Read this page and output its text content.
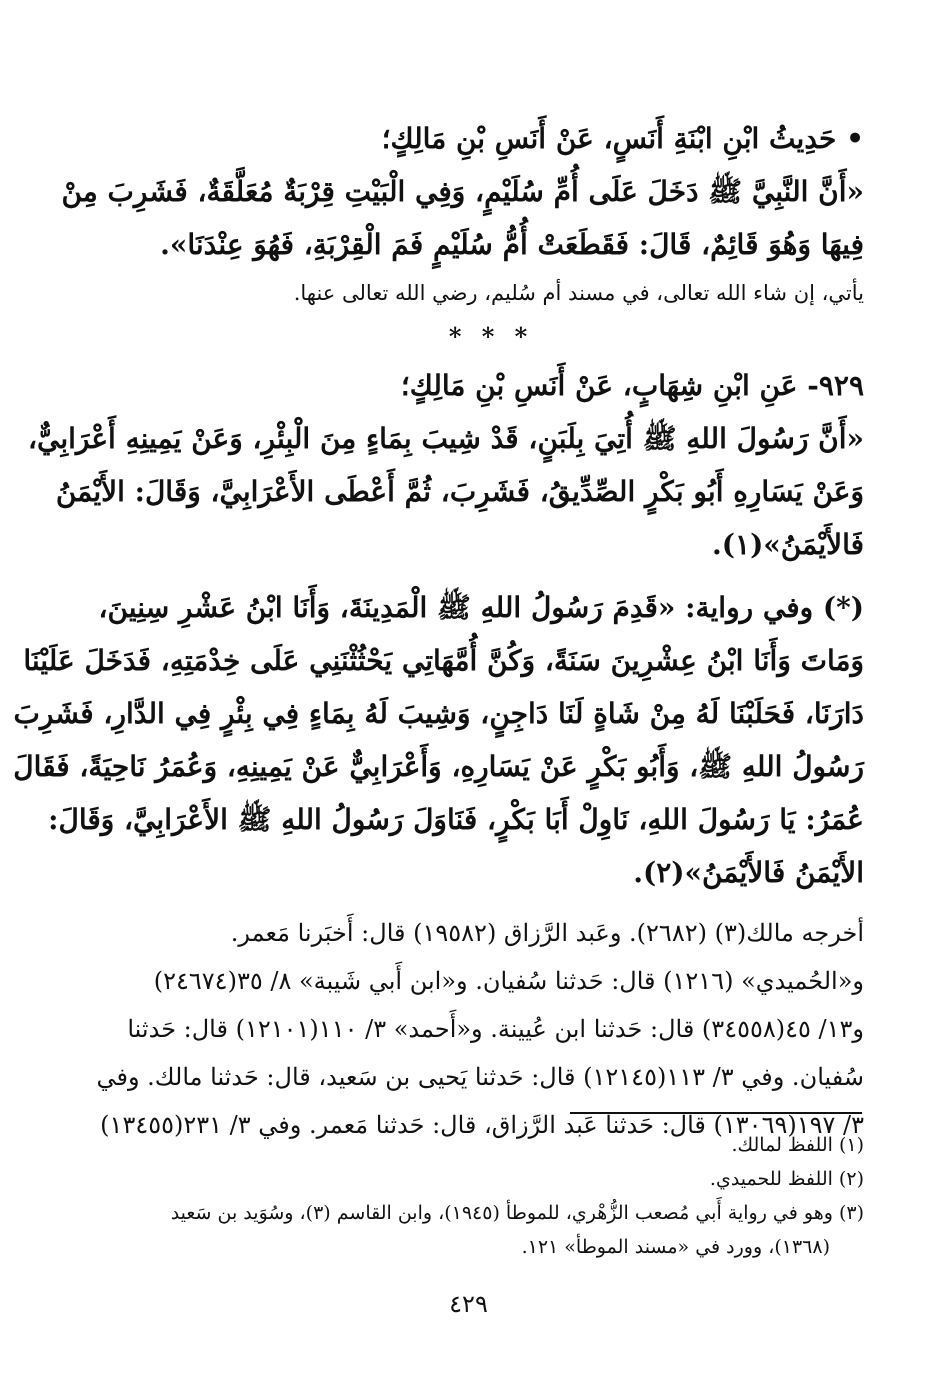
• حَدِيثُ ابْنِ ابْنَةِ أَنَسٍ، عَنْ أَنَسِ بْنِ مَالِكٍ؛
«أَنَّ النَّبِيَّ ﷺ دَخَلَ عَلَى أُمِّ سُلَيْمٍ، وَفِي الْبَيْتِ قِرْبَةٌ مُعَلَّقَةٌ، فَشَرِبَ مِنْ
فِيهَا وَهُوَ قَائِمٌ، قَالَ: فَقَطَعَتْ أُمُّ سُلَيْمٍ فَمَ الْقِرْبَةِ، فَهُوَ عِنْدَنَا».
يأتي، إن شاء الله تعالى، في مسند أم سُليم، رضي الله تعالى عنها.
* * *
٩٢٩- عَنِ ابْنِ شِهَابٍ، عَنْ أَنَسِ بْنِ مَالِكٍ؛
«أَنَّ رَسُولَ اللهِ ﷺ أُتِيَ بِلَبَنٍ، قَدْ شِيبَ بِمَاءٍ مِنَ الْبِئْرِ، وَعَنْ يَمِينِهِ أَعْرَابِيٌّ،
وَعَنْ يَسَارِهِ أَبُو بَكْرٍ الصِّدِّيقُ، فَشَرِبَ، ثُمَّ أَعْطَى الأَعْرَابِيَّ، وَقَالَ: الأَيْمَنُ
فَالأَيْمَنُ»(١).
(*) وفي رواية: «قَدِمَ رَسُولُ اللهِ ﷺ الْمَدِينَةَ، وَأَنَا ابْنُ عَشْرِ سِنِينَ،
وَمَاتَ وَأَنَا ابْنُ عِشْرِينَ سَنَةً، وَكُنَّ أُمَّهَاتِي يَحْثُثْنَنِي عَلَى خِدْمَتِهِ، فَدَخَلَ عَلَيْنَا
دَارَنَا، فَحَلَبْنَا لَهُ مِنْ شَاةٍ لَنَا دَاجِنٍ، وَشِيبَ لَهُ بِمَاءٍ فِي بِئْرٍ فِي الدَّارِ، فَشَرِبَ
رَسُولُ اللهِ ﷺ، وَأَبُو بَكْرٍ عَنْ يَسَارِهِ، وَأَعْرَابِيٌّ عَنْ يَمِينِهِ، وَعُمَرُ نَاحِيَةً، فَقَالَ
عُمَرُ: يَا رَسُولَ اللهِ، نَاوِلْ أَبَا بَكْرٍ، فَنَاوَلَ رَسُولُ اللهِ ﷺ الأَعْرَابِيَّ، وَقَالَ:
الأَيْمَنُ فَالأَيْمَنُ»(٢).
أخرجه مالك(٣) (٢٦٨٢). وعَبد الرَّزاق (١٩٥٨٢) قال: أَخبَرنا مَعمر.
و«الحُميدي» (١٢١٦) قال: حَدثنا سُفيان. و«ابن أَبي شَيبة» ٨/ ٣٥(٢٤٦٧٤)
و١٣/ ٤٥(٣٤٥٥٨) قال: حَدثنا ابن عُيينة. و«أَحمد» ٣/ ١١٠(١٢١٠١) قال: حَدثنا
سُفيان. وفي ٣/ ١١٣(١٢١٤٥) قال: حَدثنا يَحيى بن سَعيد، قال: حَدثنا مالك. وفي
٣/ ١٩٧(١٣٠٦٩) قال: حَدثنا عَبد الرَّزاق، قال: حَدثنا مَعمر. وفي ٣/ ٢٣١(١٣٤٥٥)
(١) اللفظ لمالك.
(٢) اللفظ للحميدي.
(٣) وهو في رواية أَبي مُصعب الزُّهْري، للموطأ (١٩٤٥)، وابن القاسم (٣)، وسُوَيد بن سَعيد
(١٣٦٨)، وورد في «مسند الموطأ» ١٢١.
٤٢٩
